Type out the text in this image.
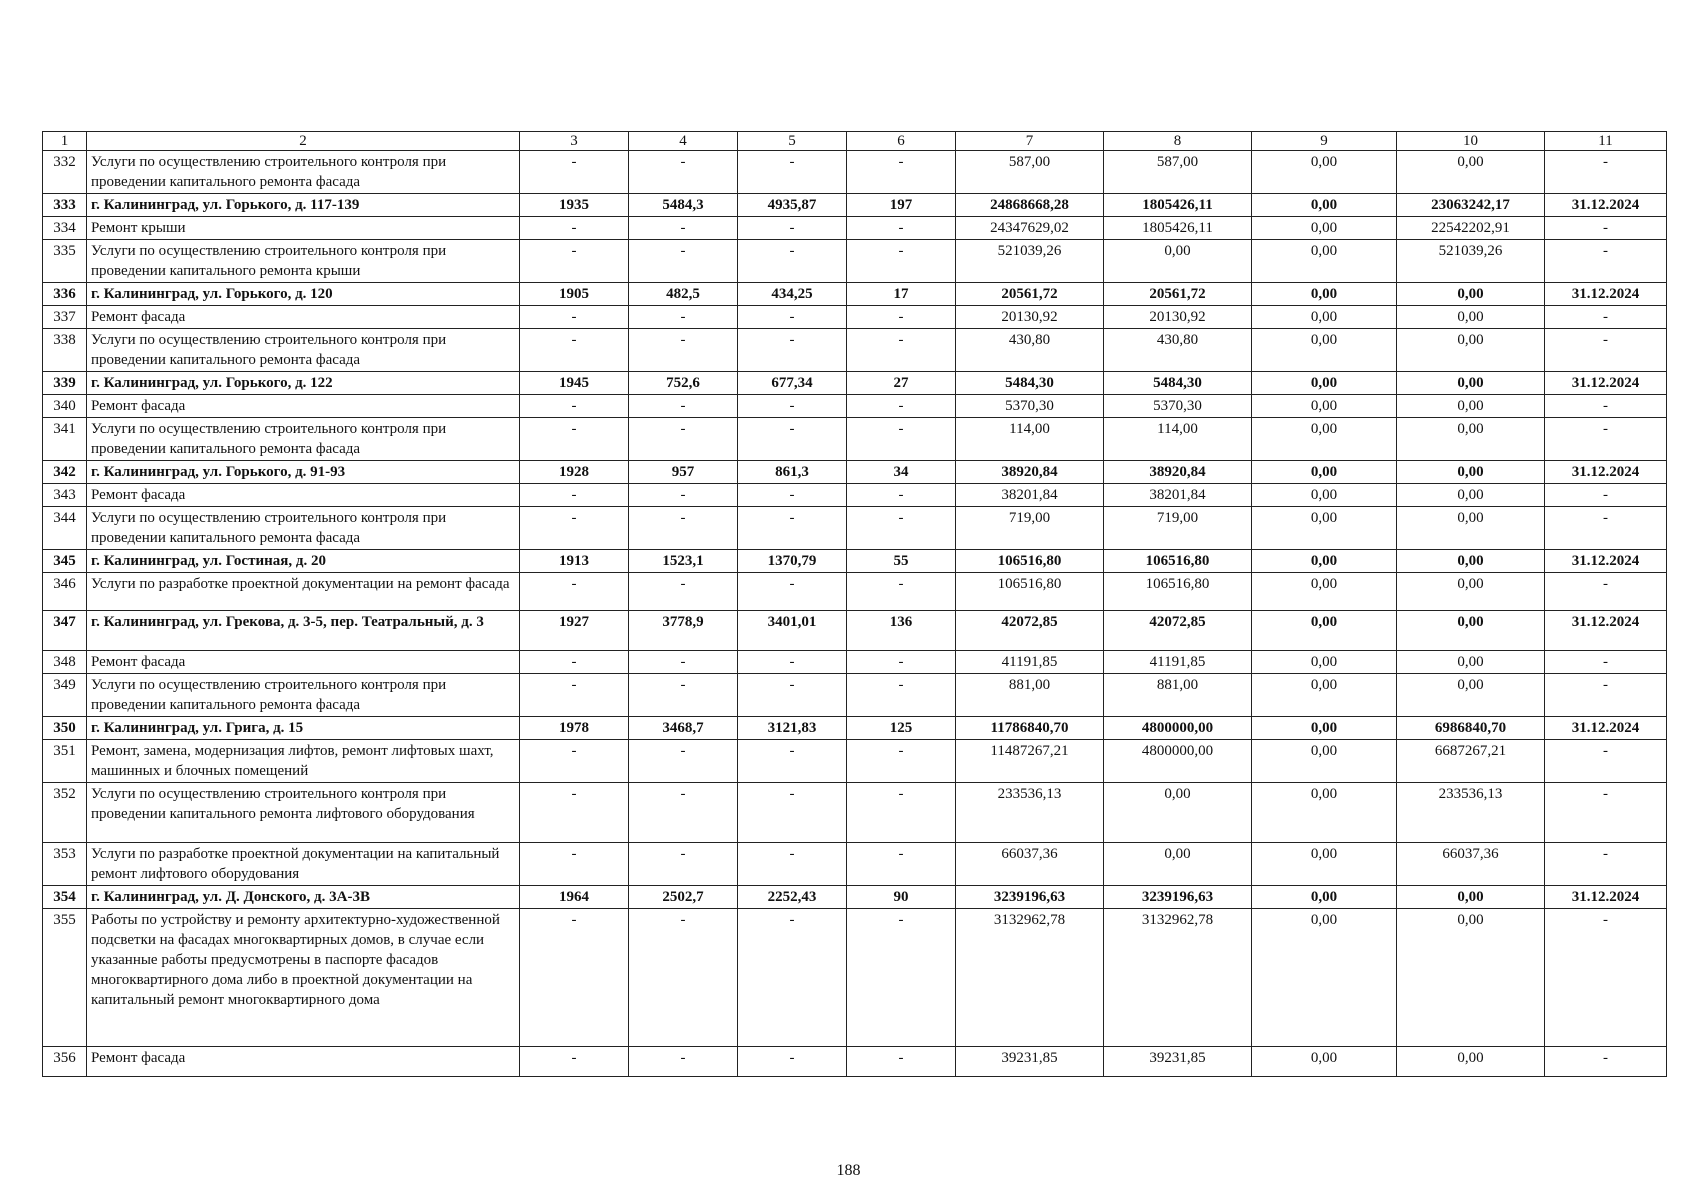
1	2	3	4	5	6	7	8	9	10	11
332	Услуги по осуществлению строительного контроля при проведении капитального ремонта фасада	-	-	-	-	587,00	587,00	0,00	0,00	-
333	г. Калининград, ул. Горького, д. 117-139	1935	5484,3	4935,87	197	24868668,28	1805426,11	0,00	23063242,17	31.12.2024
334	Ремонт крыши	-	-	-	-	24347629,02	1805426,11	0,00	22542202,91	-
335	Услуги по осуществлению строительного контроля при проведении капитального ремонта крыши	-	-	-	-	521039,26	0,00	0,00	521039,26	-
336	г. Калининград, ул. Горького, д. 120	1905	482,5	434,25	17	20561,72	20561,72	0,00	0,00	31.12.2024
337	Ремонт фасада	-	-	-	-	20130,92	20130,92	0,00	0,00	-
338	Услуги по осуществлению строительного контроля при проведении капитального ремонта фасада	-	-	-	-	430,80	430,80	0,00	0,00	-
339	г. Калининград, ул. Горького, д. 122	1945	752,6	677,34	27	5484,30	5484,30	0,00	0,00	31.12.2024
340	Ремонт фасада	-	-	-	-	5370,30	5370,30	0,00	0,00	-
341	Услуги по осуществлению строительного контроля при проведении капитального ремонта фасада	-	-	-	-	114,00	114,00	0,00	0,00	-
342	г. Калининград, ул. Горького, д. 91-93	1928	957	861,3	34	38920,84	38920,84	0,00	0,00	31.12.2024
343	Ремонт фасада	-	-	-	-	38201,84	38201,84	0,00	0,00	-
344	Услуги по осуществлению строительного контроля при проведении капитального ремонта фасада	-	-	-	-	719,00	719,00	0,00	0,00	-
345	г. Калининград, ул. Гостиная, д. 20	1913	1523,1	1370,79	55	106516,80	106516,80	0,00	0,00	31.12.2024
346	Услуги по разработке проектной документации на ремонт фасада	-	-	-	-	106516,80	106516,80	0,00	0,00	-
347	г. Калининград, ул. Грекова, д. 3-5, пер. Театральный, д. 3	1927	3778,9	3401,01	136	42072,85	42072,85	0,00	0,00	31.12.2024
348	Ремонт фасада	-	-	-	-	41191,85	41191,85	0,00	0,00	-
349	Услуги по осуществлению строительного контроля при проведении капитального ремонта фасада	-	-	-	-	881,00	881,00	0,00	0,00	-
350	г. Калининград, ул. Грига, д. 15	1978	3468,7	3121,83	125	11786840,70	4800000,00	0,00	6986840,70	31.12.2024
351	Ремонт, замена, модернизация лифтов, ремонт лифтовых шахт, машинных и блочных помещений	-	-	-	-	11487267,21	4800000,00	0,00	6687267,21	-
352	Услуги по осуществлению строительного контроля при проведении капитального ремонта лифтового оборудования	-	-	-	-	233536,13	0,00	0,00	233536,13	-
353	Услуги по разработке проектной документации на капитальный ремонт лифтового оборудования	-	-	-	-	66037,36	0,00	0,00	66037,36	-
354	г. Калининград, ул. Д. Донского, д. 3А-3В	1964	2502,7	2252,43	90	3239196,63	3239196,63	0,00	0,00	31.12.2024
355	Работы по устройству и ремонту архитектурно-художественной подсветки на фасадах многоквартирных домов, в случае если указанные работы предусмотрены в паспорте фасадов многоквартирного дома либо в проектной документации на капитальный ремонт многоквартирного дома	-	-	-	-	3132962,78	3132962,78	0,00	0,00	-
356	Ремонт фасада	-	-	-	-	39231,85	39231,85	0,00	0,00	-
188
